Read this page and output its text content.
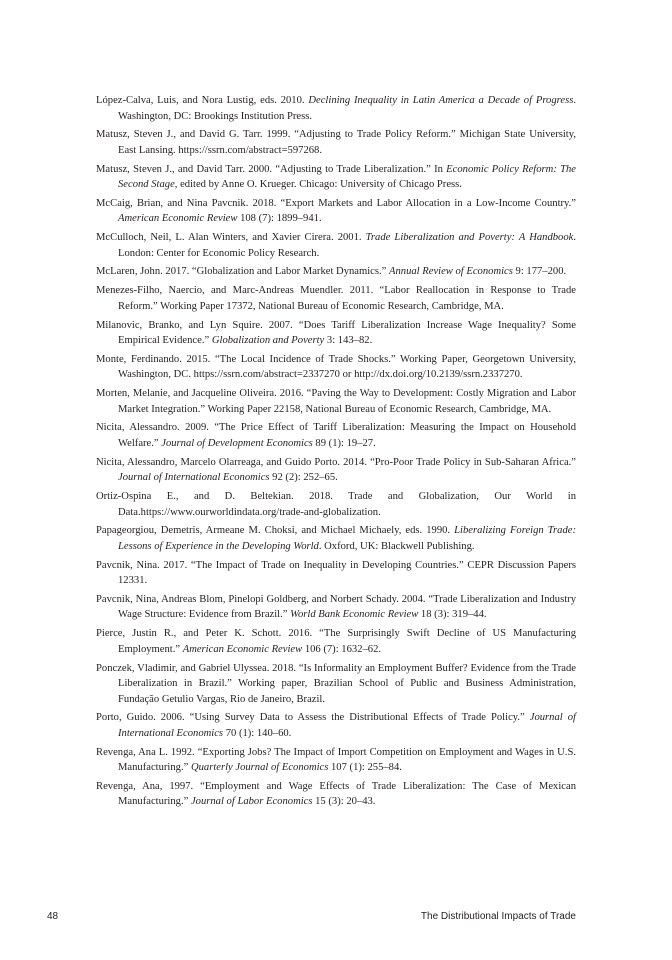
López-Calva, Luis, and Nora Lustig, eds. 2010. Declining Inequality in Latin America a Decade of Progress. Washington, DC: Brookings Institution Press.
Matusz, Steven J., and David G. Tarr. 1999. “Adjusting to Trade Policy Reform.” Michigan State University, East Lansing. https://ssrn.com/abstract=597268.
Matusz, Steven J., and David Tarr. 2000. “Adjusting to Trade Liberalization.” In Economic Policy Reform: The Second Stage, edited by Anne O. Krueger. Chicago: University of Chicago Press.
McCaig, Brian, and Nina Pavcnik. 2018. “Export Markets and Labor Allocation in a Low-Income Country.” American Economic Review 108 (7): 1899–941.
McCulloch, Neil, L. Alan Winters, and Xavier Cirera. 2001. Trade Liberalization and Poverty: A Handbook. London: Center for Economic Policy Research.
McLaren, John. 2017. “Globalization and Labor Market Dynamics.” Annual Review of Economics 9: 177–200.
Menezes-Filho, Naercio, and Marc-Andreas Muendler. 2011. “Labor Reallocation in Response to Trade Reform.” Working Paper 17372, National Bureau of Economic Research, Cambridge, MA.
Milanovic, Branko, and Lyn Squire. 2007. “Does Tariff Liberalization Increase Wage Inequality? Some Empirical Evidence.” Globalization and Poverty 3: 143–82.
Monte, Ferdinando. 2015. “The Local Incidence of Trade Shocks.” Working Paper, Georgetown University, Washington, DC. https://ssrn.com/abstract=2337270 or http://dx.doi.org/10.2139/ssrn.2337270.
Morten, Melanie, and Jacqueline Oliveira. 2016. “Paving the Way to Development: Costly Migration and Labor Market Integration.” Working Paper 22158, National Bureau of Economic Research, Cambridge, MA.
Nicita, Alessandro. 2009. “The Price Effect of Tariff Liberalization: Measuring the Impact on Household Welfare.” Journal of Development Economics 89 (1): 19–27.
Nicita, Alessandro, Marcelo Olarreaga, and Guido Porto. 2014. “Pro-Poor Trade Policy in Sub-Saharan Africa.” Journal of International Economics 92 (2): 252–65.
Ortiz-Ospina E., and D. Beltekian. 2018. Trade and Globalization, Our World in Data.https://www.ourworldindata.org/trade-and-globalization.
Papageorgiou, Demetris, Armeane M. Choksi, and Michael Michaely, eds. 1990. Liberalizing Foreign Trade: Lessons of Experience in the Developing World. Oxford, UK: Blackwell Publishing.
Pavcnik, Nina. 2017. “The Impact of Trade on Inequality in Developing Countries.” CEPR Discussion Papers 12331.
Pavcnik, Nina, Andreas Blom, Pinelopi Goldberg, and Norbert Schady. 2004. “Trade Liberalization and Industry Wage Structure: Evidence from Brazil.” World Bank Economic Review 18 (3): 319–44.
Pierce, Justin R., and Peter K. Schott. 2016. “The Surprisingly Swift Decline of US Manufacturing Employment.” American Economic Review 106 (7): 1632–62.
Ponczek, Vladimir, and Gabriel Ulyssea. 2018. “Is Informality an Employment Buffer? Evidence from the Trade Liberalization in Brazil.” Working paper, Brazilian School of Public and Business Administration, Fundação Getulio Vargas, Rio de Janeiro, Brazil.
Porto, Guido. 2006. “Using Survey Data to Assess the Distributional Effects of Trade Policy.” Journal of International Economics 70 (1): 140–60.
Revenga, Ana L. 1992. “Exporting Jobs? The Impact of Import Competition on Employment and Wages in U.S. Manufacturing.” Quarterly Journal of Economics 107 (1): 255–84.
Revenga, Ana, 1997. “Employment and Wage Effects of Trade Liberalization: The Case of Mexican Manufacturing.” Journal of Labor Economics 15 (3): 20–43.
48	The Distributional Impacts of Trade
